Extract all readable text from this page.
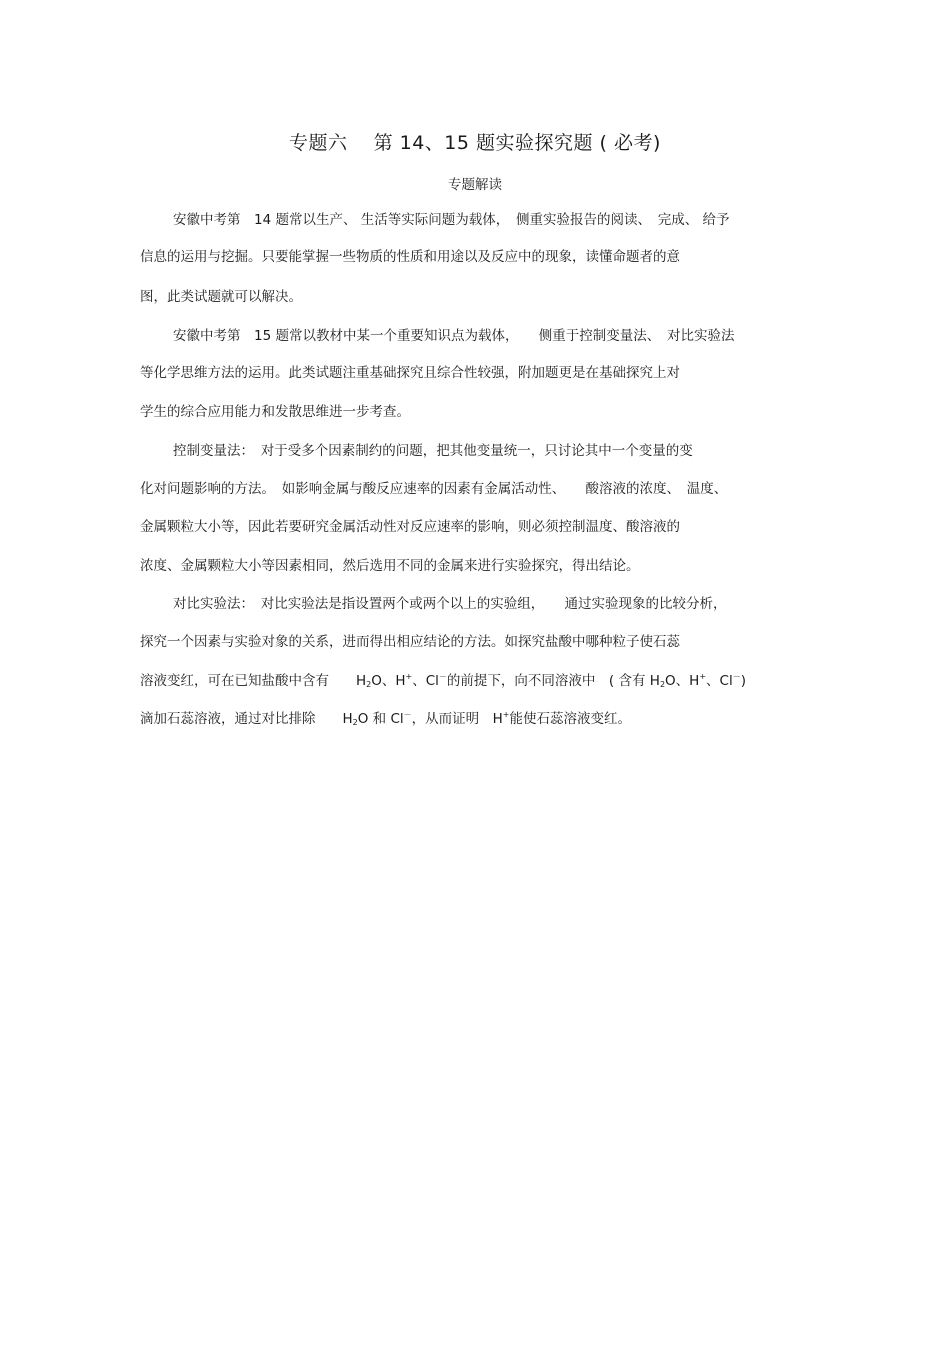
专题六　 第 14、15 题实验探究题 ( 必考)
专题解读
安徽中考第　14 题常以生产、 生活等实际问题为载体，　侧重实验报告的阅读、　完成、 给予
信息的运用与挖掘。只要能掌握一些物质的性质和用途以及反应中的现象，读懂命题者的意
图，此类试题就可以解决。
安徽中考第　15 题常以教材中某一个重要知识点为载体，　　侧重于控制变量法、　对比实验法
等化学思维方法的运用。此类试题注重基础探究且综合性较强，附加题更是在基础探究上对
学生的综合应用能力和发散思维进一步考查。
控制变量法：　对于受多个因素制约的问题，把其他变量统一，只讨论其中一个变量的变
化对问题影响的方法。　如影响金属与酸反应速率的因素有金属活动性、　　酸溶液的浓度、　温度、
金属颗粒大小等，因此若要研究金属活动性对反应速率的影响，则必须控制温度、酸溶液的
浓度、金属颗粒大小等因素相同，然后选用不同的金属来进行实验探究，得出结论。
对比实验法：　对比实验法是指设置两个或两个以上的实验组，　　通过实验现象的比较分析，
探究一个因素与实验对象的关系，进而得出相应结论的方法。如探究盐酸中哪种粒子使石蕊
溶液变红，可在已知盐酸中含有　　$H_2O$、H+、Cl－的前提下，向不同溶液中　( 含有 $H_2O$、H+、Cl－)
滴加石蕊溶液，通过对比排除　　$H_2O$ 和 Cl－，从而证明　H+能使石蕊溶液变红。
